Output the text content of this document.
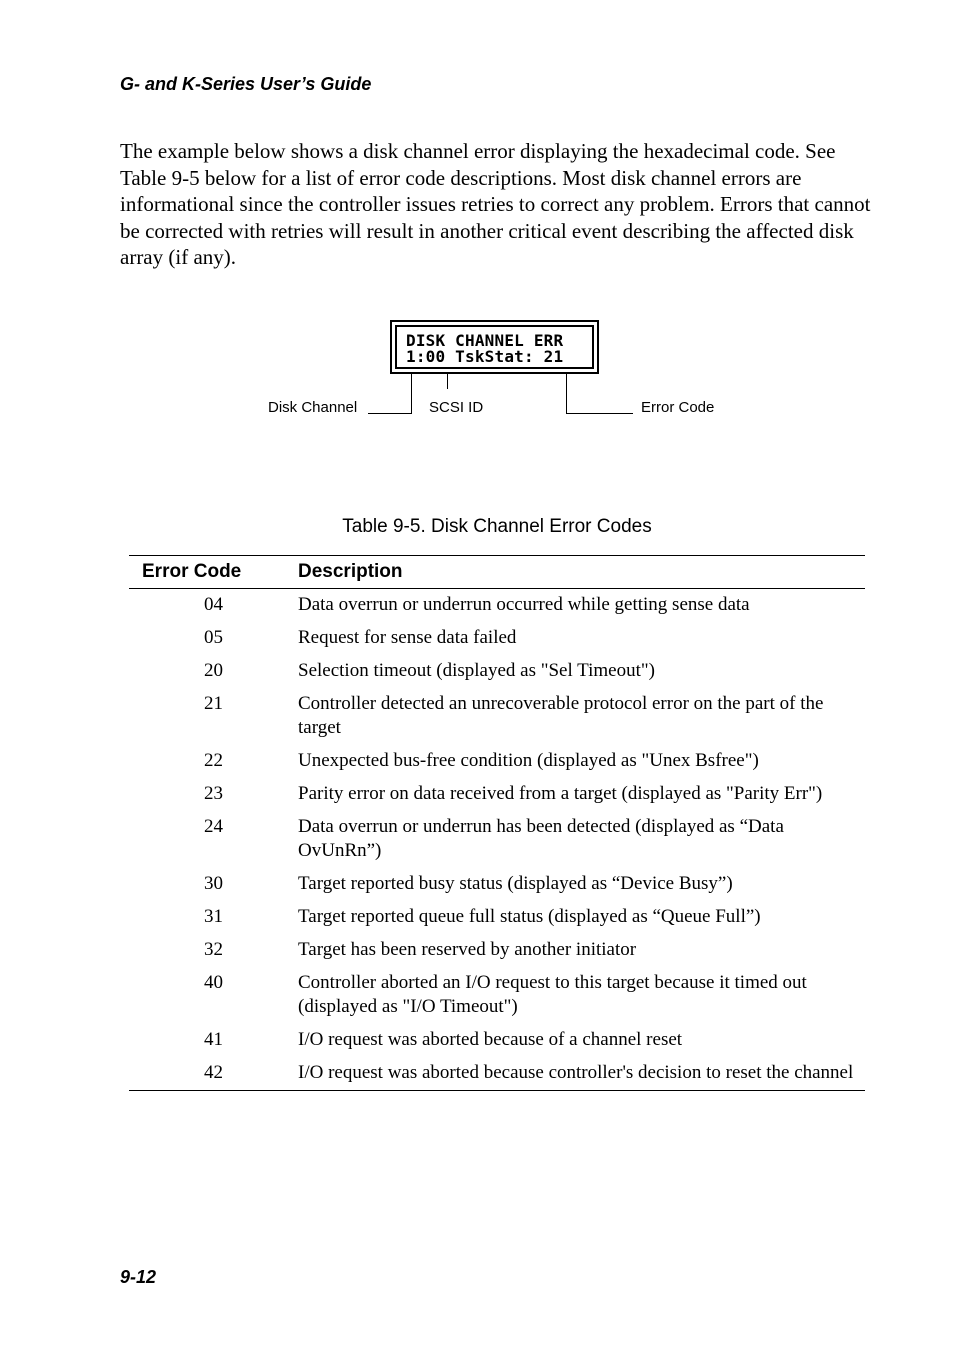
G- and K-Series User’s Guide

The example below shows a disk channel error displaying the hexadecimal code. See Table 9-5 below for a list of error code descriptions. Most disk channel errors are informational since the controller issues retries to correct any problem. Errors that cannot be corrected with retries will result in another critical event describing the affected disk array (if any).

DISK CHANNEL ERR
1:00 TskStat: 21
Disk Channel	SCSI ID	Error Code
Table 9-5. Disk Channel Error Codes
Error Code	Description
04	Data overrun or underrun occurred while getting sense data
05	Request for sense data failed
20	Selection timeout (displayed as "Sel Timeout")
21	Controller detected an unrecoverable protocol error on the part of the target
22	Unexpected bus-free condition (displayed as "Unex Bsfree")
23	Parity error on data received from a target (displayed as "Parity Err")
24	Data overrun or underrun has been detected (displayed as “Data OvUnRn”)
30	Target reported busy status (displayed as “Device Busy”)
31	Target reported queue full status (displayed as “Queue Full”)
32	Target has been reserved by another initiator
40	Controller aborted an I/O request to this target because it timed out (displayed as "I/O Timeout")
41	I/O request was aborted because of a channel reset
42	I/O request was aborted because controller's decision to reset the channel
9-12
